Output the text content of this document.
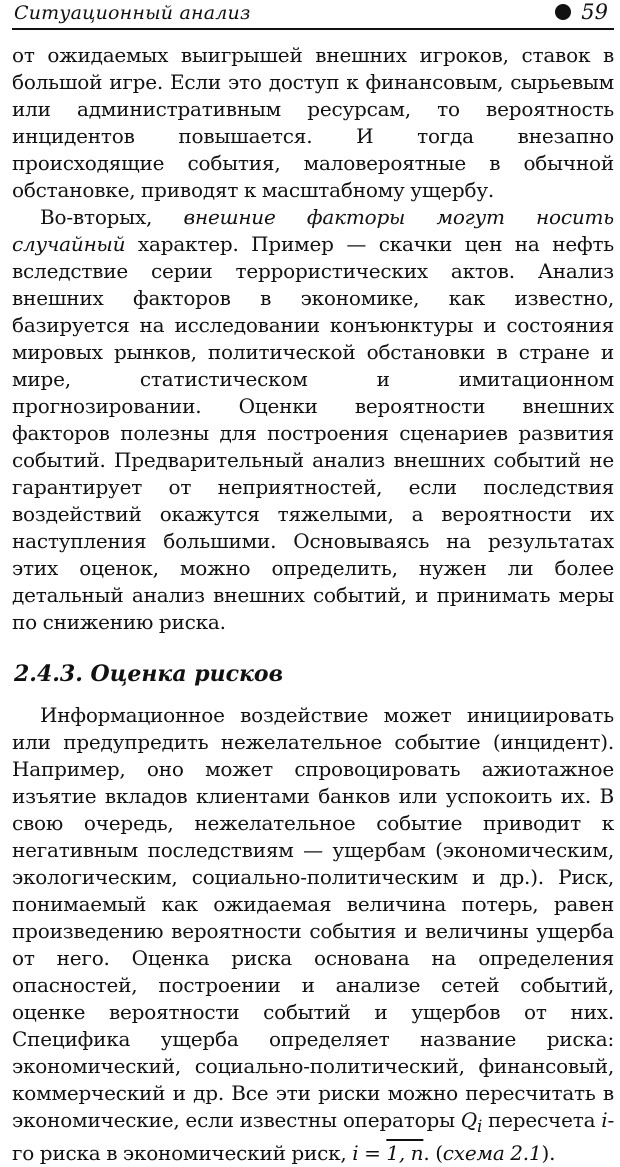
Ситуационный анализ	59

от ожидаемых выигрышей внешних игроков, ставок в большой игре. Если это доступ к финансовым, сырьевым или административным ресурсам, то вероятность инцидентов повышается. И тогда внезапно происходящие события, маловероятные в обычной обстановке, приводят к масштабному ущербу.

Во-вторых, внешние факторы могут носить случайный характер. Пример — скачки цен на нефть вследствие серии террористических актов. Анализ внешних факторов в экономике, как известно, базируется на исследовании конъюнктуры и состояния мировых рынков, политической обстановки в стране и мире, статистическом и имитационном прогнозировании. Оценки вероятности внешних факторов полезны для построения сценариев развития событий. Предварительный анализ внешних событий не гарантирует от неприятностей, если последствия воздействий окажутся тяжелыми, а вероятности их наступления большими. Основываясь на результатах этих оценок, можно определить, нужен ли более детальный анализ внешних событий, и принимать меры по снижению риска.

2.4.3. Оценка рисков

Информационное воздействие может инициировать или предупредить нежелательное событие (инцидент). Например, оно может спровоцировать ажиотажное изъятие вкладов клиентами банков или успокоить их. В свою очередь, нежелательное событие приводит к негативным последствиям — ущербам (экономическим, экологическим, социально-политическим и др.). Риск, понимаемый как ожидаемая величина потерь, равен произведению вероятности события и величины ущерба от него. Оценка риска основана на определения опасностей, построении и анализе сетей событий, оценке вероятности событий и ущербов от них. Специфика ущерба определяет название риска: экономический, социально-политический, финансовый, коммерческий и др. Все эти риски можно пересчитать в экономические, если известны операторы $Q_i$ пересчета i-го риска в экономический риск, i = 1, n. (схема 2.1).
